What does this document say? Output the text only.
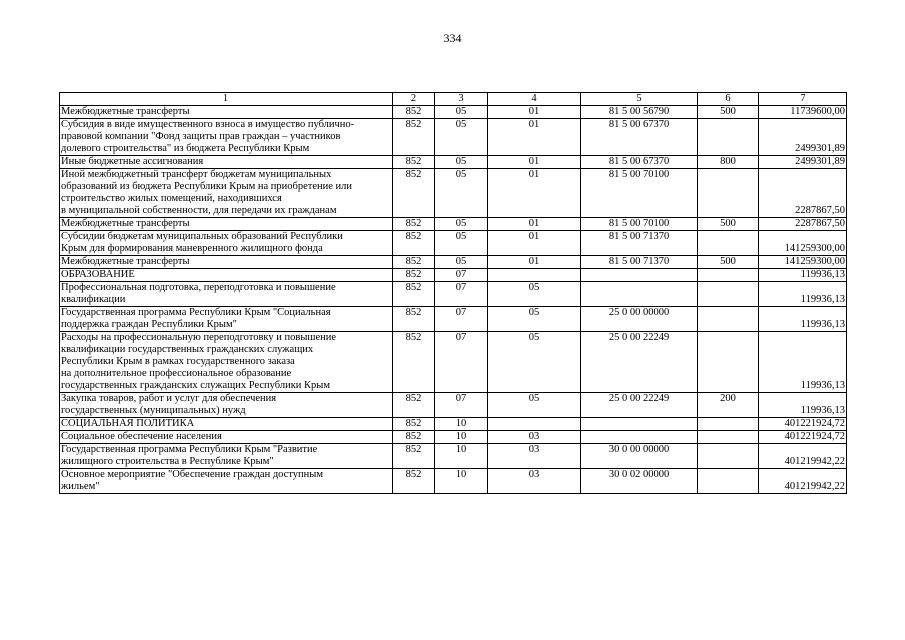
334
1	2	3	4	5	6	7
Межбюджетные трансферты	852	05	01	81 5 00 56790	500	11739600,00
Субсидия в виде имущественного взноса в имущество публично-
правовой компании "Фонд защиты прав граждан – участников
долевого строительства" из бюджета Республики Крым	852	05	01	81 5 00 67370		2499301,89
Иные бюджетные ассигнования	852	05	01	81 5 00 67370	800	2499301,89
Иной межбюджетный трансферт бюджетам муниципальных
образований из бюджета Республики Крым на приобретение или
строительство жилых помещений, находившихся
в муниципальной собственности, для передачи их гражданам	852	05	01	81 5 00 70100		2287867,50
Межбюджетные трансферты	852	05	01	81 5 00 70100	500	2287867,50
Субсидии бюджетам муниципальных образований Республики
Крым для формирования маневренного жилищного фонда	852	05	01	81 5 00 71370		141259300,00
Межбюджетные трансферты	852	05	01	81 5 00 71370	500	141259300,00
ОБРАЗОВАНИЕ	852	07				119936,13
Профессиональная подготовка, переподготовка и повышение
квалификации	852	07	05			119936,13
Государственная программа Республики Крым "Социальная
поддержка граждан Республики Крым"	852	07	05	25 0 00 00000		119936,13
Расходы на профессиональную переподготовку и повышение
квалификации государственных гражданских служащих
Республики Крым в рамках государственного заказа
на дополнительное профессиональное образование
государственных гражданских служащих Республики Крым	852	07	05	25 0 00 22249		119936,13
Закупка товаров, работ и услуг для обеспечения
государственных (муниципальных) нужд	852	07	05	25 0 00 22249	200	119936,13
СОЦИАЛЬНАЯ ПОЛИТИКА	852	10				401221924,72
Социальное обеспечение населения	852	10	03			401221924,72
Государственная программа Республики Крым "Развитие
жилищного строительства в Республике Крым"	852	10	03	30 0 00 00000		401219942,22
Основное мероприятие "Обеспечение граждан доступным
жильем"	852	10	03	30 0 02 00000		401219942,22
